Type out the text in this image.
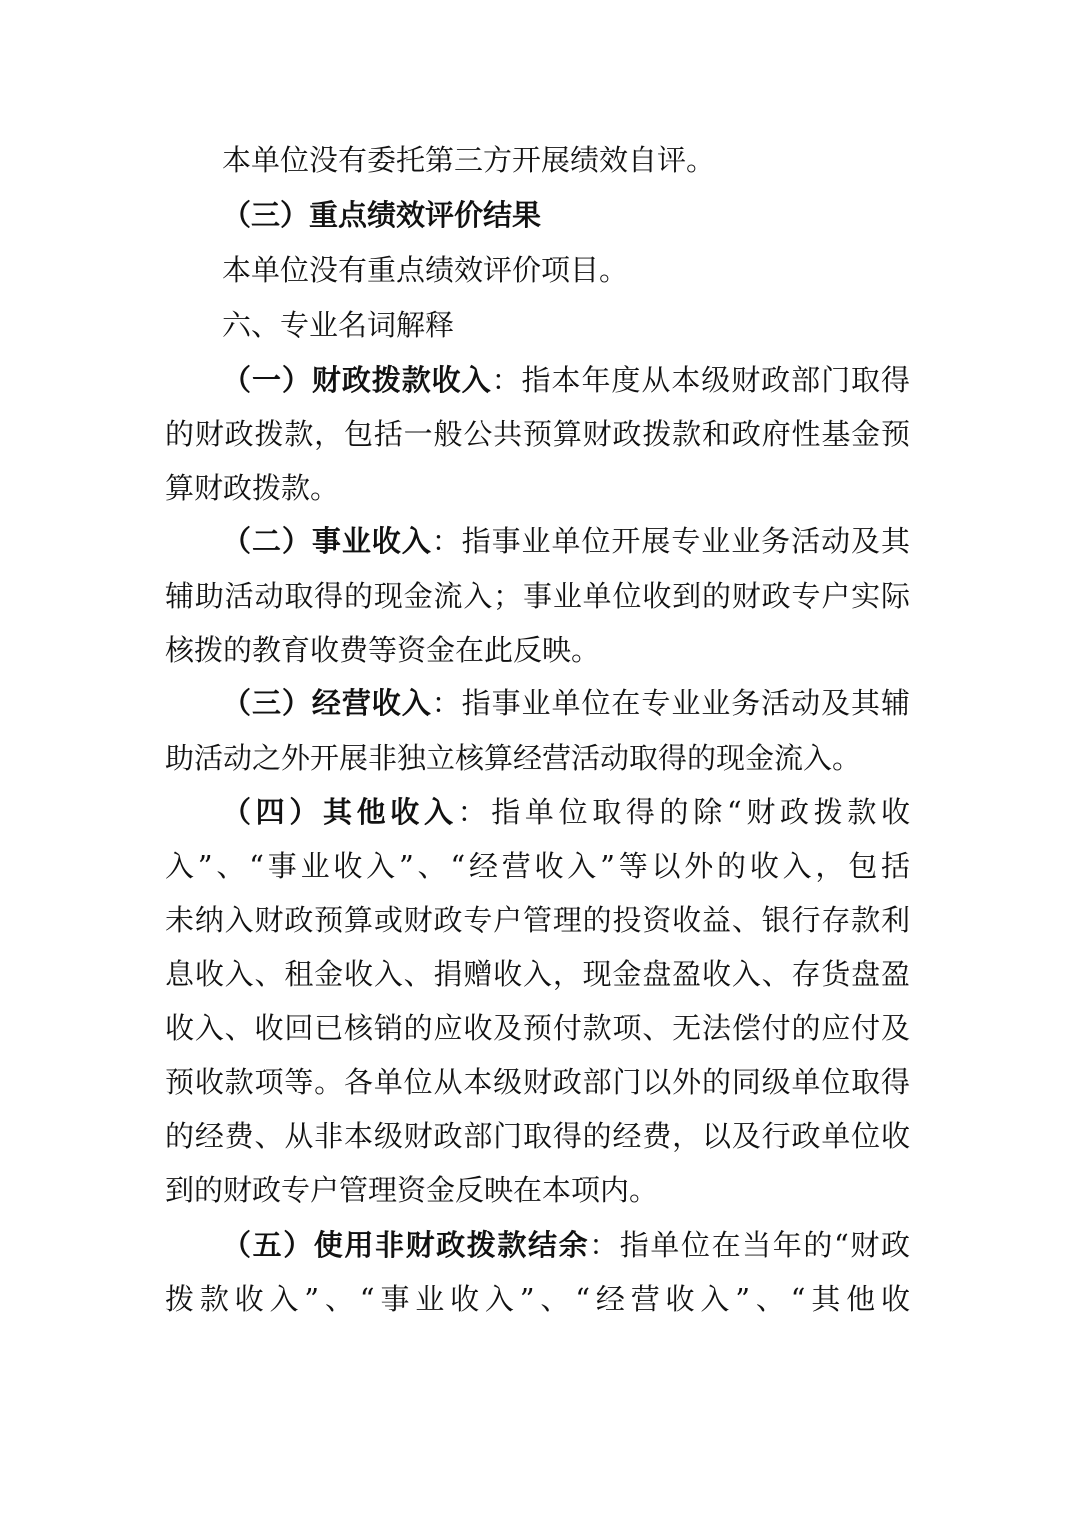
本单位没有委托第三方开展绩效自评。

（三）重点绩效评价结果

本单位没有重点绩效评价项目。

六、专业名词解释

（一）财政拨款收入：指本年度从本级财政部门取得

的财政拨款，包括一般公共预算财政拨款和政府性基金预

算财政拨款。

（二）事业收入：指事业单位开展专业业务活动及其

辅助活动取得的现金流入；事业单位收到的财政专户实际

核拨的教育收费等资金在此反映。

（三）经营收入：指事业单位在专业业务活动及其辅

助活动之外开展非独立核算经营活动取得的现金流入。

（四）其他收入：指单位取得的除“财政拨款收

入”、“事业收入”、“经营收入”等以外的收入，包括

未纳入财政预算或财政专户管理的投资收益、银行存款利

息收入、租金收入、捐赠收入，现金盘盈收入、存货盘盈

收入、收回已核销的应收及预付款项、无法偿付的应付及

预收款项等。各单位从本级财政部门以外的同级单位取得

的经费、从非本级财政部门取得的经费，以及行政单位收

到的财政专户管理资金反映在本项内。

（五）使用非财政拨款结余：指单位在当年的“财政

拨款收入”、“事业收入”、“经营收入”、“其他收
